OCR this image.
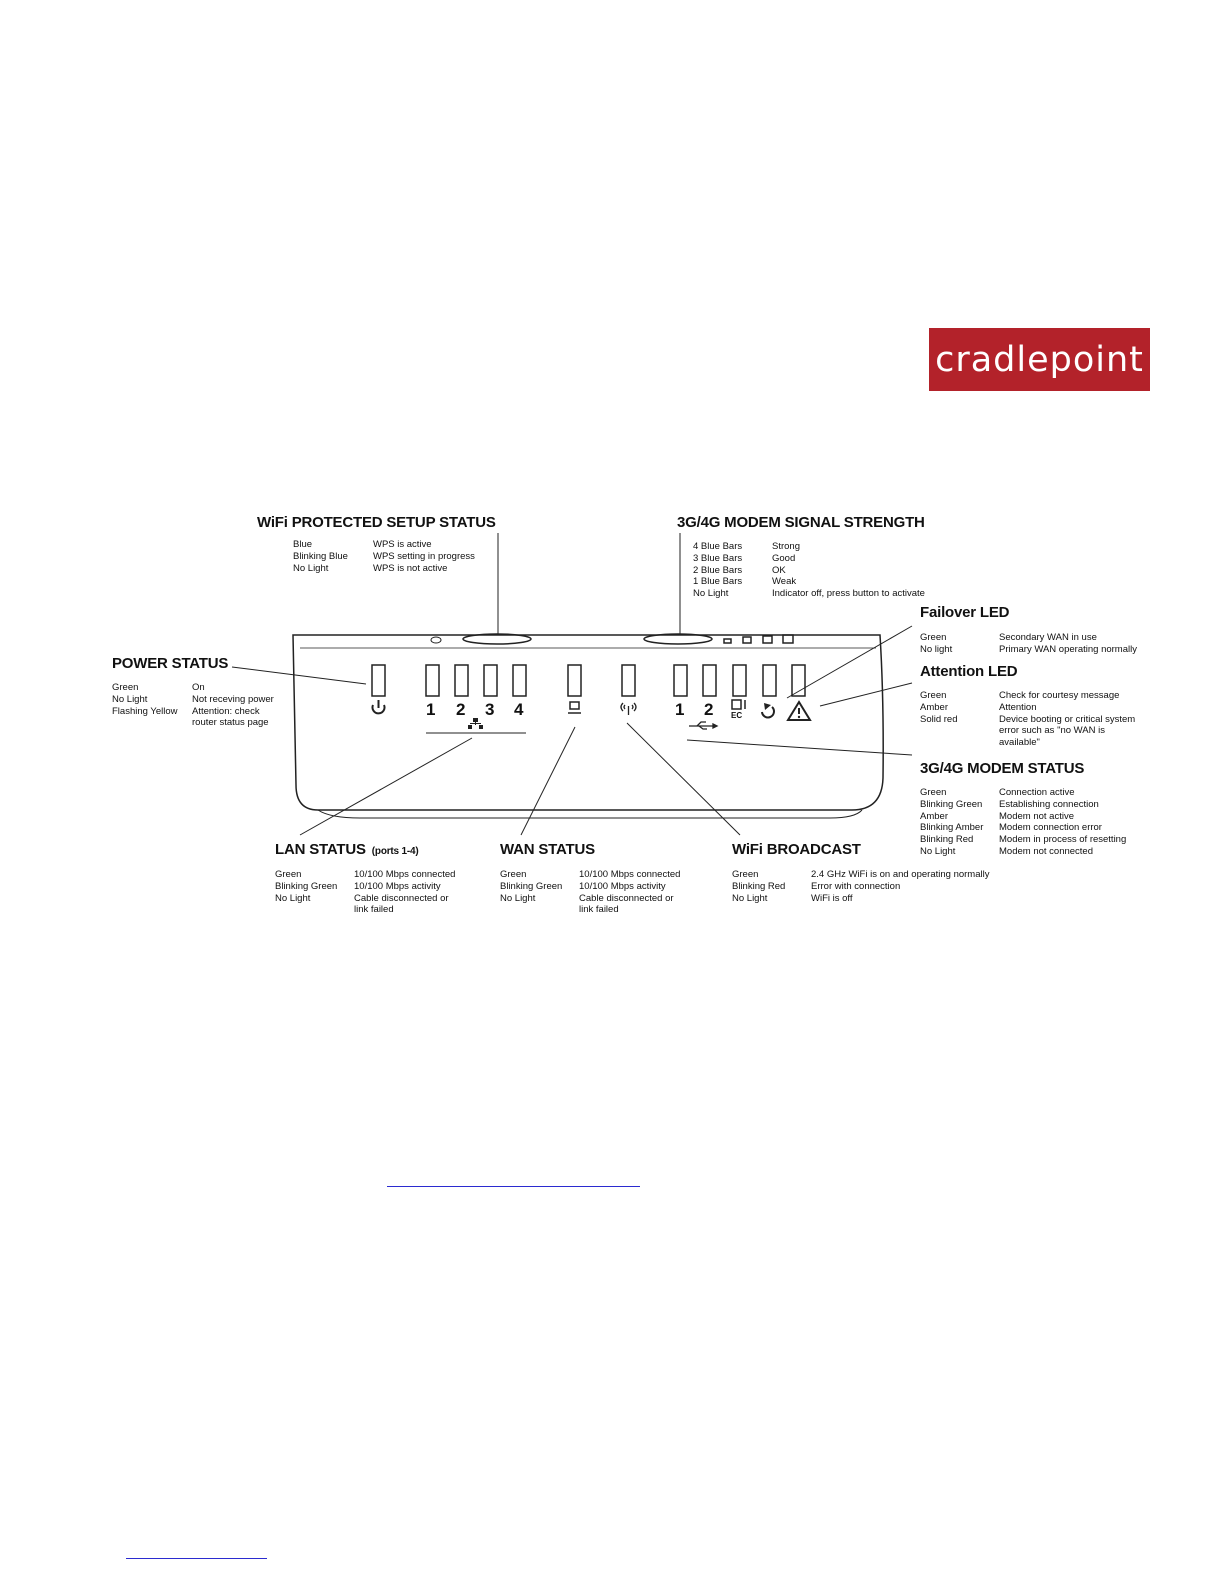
cradlepoint
WiFi PROTECTED SETUP STATUS	3G/4G MODEM SIGNAL STRENGTH
Failover LED
Attention LED
POWER STATUS
3G/4G MODEM STATUS
LAN STATUS (ports 1-4)	WAN STATUS	WiFi BROADCAST
Blue	WPS is active
Blinking Blue	WPS setting in progress
No Light	WPS is not active
4 Blue Bars	Strong
3 Blue Bars	Good
2 Blue Bars	OK
1 Blue Bars	Weak
No Light	Indicator off, press button to activate
Green	Secondary WAN in use
No light	Primary WAN operating normally
Green	Check for courtesy message
Amber	Attention
Solid red	Device booting or critical system error such as "no WAN is available"
Green	On
No Light	Not receving power
Flashing Yellow	Attention: check router status page
Green	Connection active
Blinking Green	Establishing connection
Amber	Modem not active
Blinking Amber	Modem connection error
Blinking Red	Modem in process of resetting
No Light	Modem not connected
Green	10/100 Mbps connected
Blinking Green	10/100 Mbps activity
No Light	Cable disconnected or link failed
Green	10/100 Mbps connected
Blinking Green	10/100 Mbps activity
No Light	Cable disconnected or link failed
Green	2.4 GHz WiFi is on and operating normally
Blinking Red	Error with connection
No Light	WiFi is off
1 2 3 4	1 2 EC
